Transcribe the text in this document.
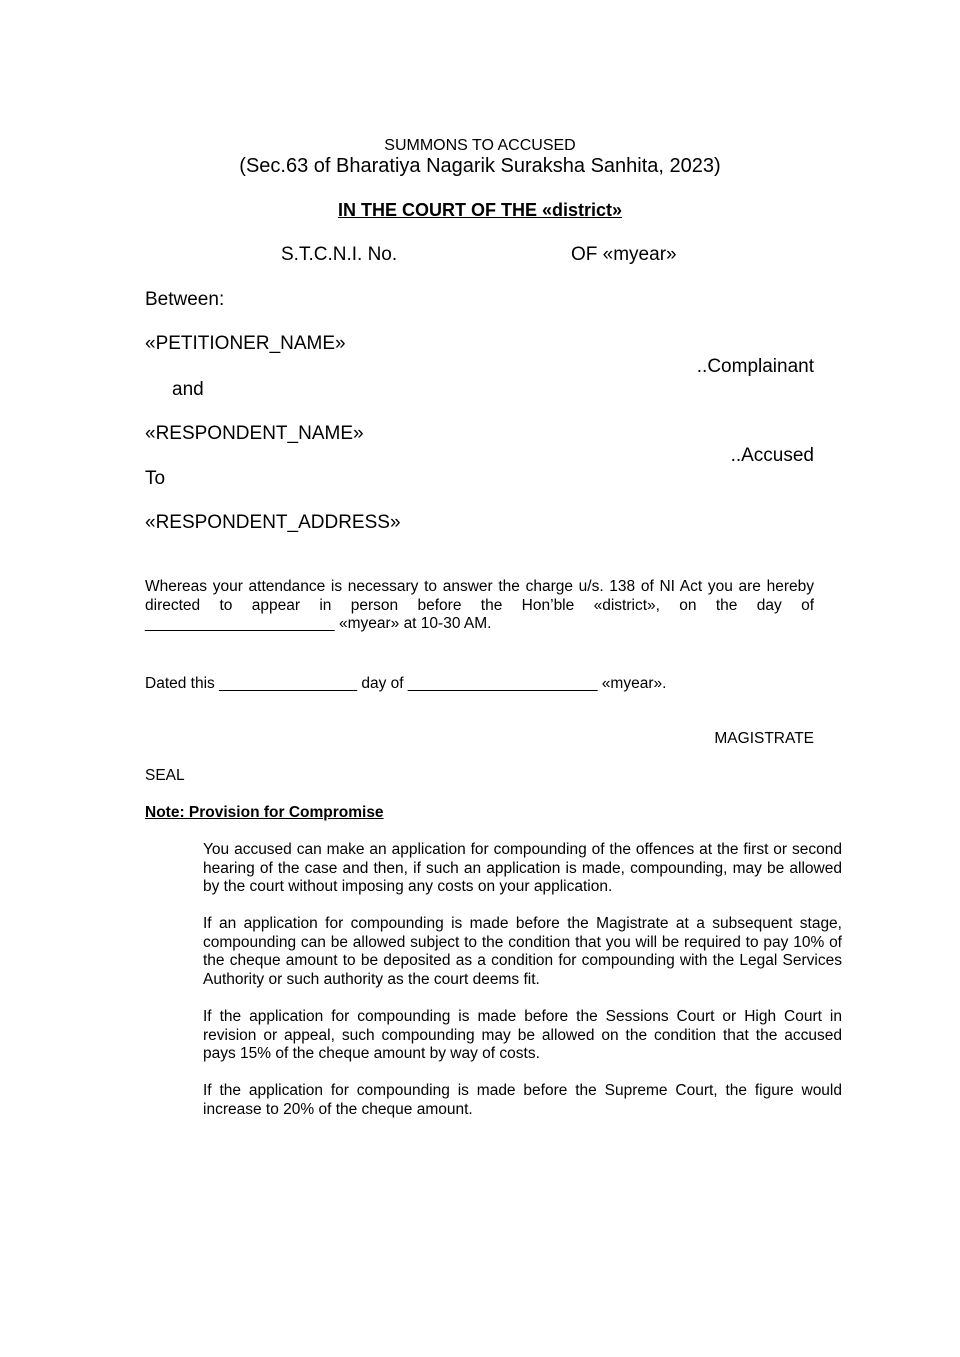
SUMMONS TO ACCUSED
(Sec.63 of Bharatiya Nagarik Suraksha Sanhita, 2023)
IN THE COURT OF THE «district»
S.T.C.N.I. No.	OF «myear»
Between:
«PETITIONER_NAME»
..Complainant
and
«RESPONDENT_NAME»
..Accused
To
«RESPONDENT_ADDRESS»

Whereas your attendance is necessary to answer the charge u/s. 138 of NI Act you are hereby directed to appear in person before the Hon’ble «district», on the day of ______________________ «myear» at 10-30 AM.

Dated this ________________ day of ______________________ «myear».
MAGISTRATE
SEAL
Note: Provision for Compromise

You accused can make an application for compounding of the offences at the first or second hearing of the case and then, if such an application is made, compounding, may be allowed by the court without imposing any costs on your application.

If an application for compounding is made before the Magistrate at a subsequent stage, compounding can be allowed subject to the condition that you will be required to pay 10% of the cheque amount to be deposited as a condition for compounding with the Legal Services Authority or such authority as the court deems fit.

If the application for compounding is made before the Sessions Court or High Court in revision or appeal, such compounding may be allowed on the condition that the accused pays 15% of the cheque amount by way of costs.

If the application for compounding is made before the Supreme Court, the figure would increase to 20% of the cheque amount.
